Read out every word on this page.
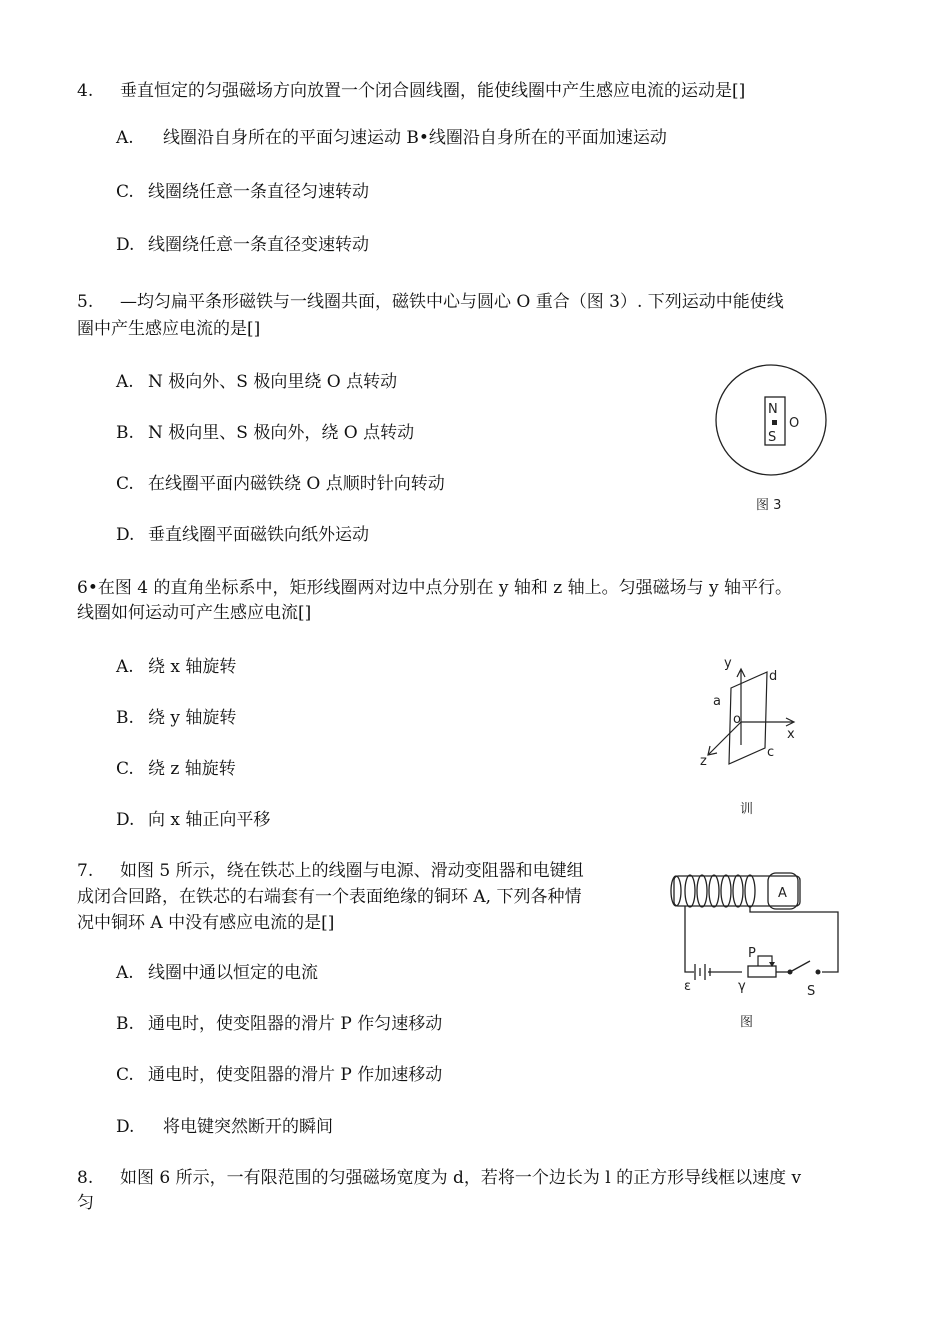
4. 垂直恒定的匀强磁场方向放置一个闭合圆线圈，能使线圈中产生感应电流的运动是[]
A. 线圈沿自身所在的平面匀速运动 B•线圈沿自身所在的平面加速运动
C. 线圈绕任意一条直径匀速转动
D. 线圈绕任意一条直径变速转动
5. —均匀扁平条形磁铁与一线圈共面，磁铁中心与圆心 O 重合（图 3）. 下列运动中能使线
圈中产生感应电流的是[]
A. N 极向外、S 极向里绕 O 点转动
B. N 极向里、S 极向外，绕 O 点转动
C. 在线圈平面内磁铁绕 O 点顺时针向转动
D. 垂直线圈平面磁铁向纸外运动
N
S
O
图 3
6•在图 4 的直角坐标系中，矩形线圈两对边中点分别在 y 轴和 z 轴上。匀强磁场与 y 轴平行。
线圈如何运动可产生感应电流[]
A. 绕 x 轴旋转
B. 绕 y 轴旋转
C. 绕 z 轴旋转
D. 向 x 轴正向平移
y
x
z
a
d
o
c
训
7. 如图 5 所示，绕在铁芯上的线圈与电源、滑动变阻器和电键组
成闭合回路，在铁芯的右端套有一个表面绝缘的铜环 A, 下列各种情
况中铜环 A 中没有感应电流的是[]
A. 线圈中通以恒定的电流
B. 通电时，使变阻器的滑片 P 作匀速移动
C. 通电时，使变阻器的滑片 P 作加速移动
D. 将电键突然断开的瞬间
A
ε	γ
P
S
图
8. 如图 6 所示，一有限范围的匀强磁场宽度为 d，若将一个边长为 l 的正方形导线框以速度 v
匀
